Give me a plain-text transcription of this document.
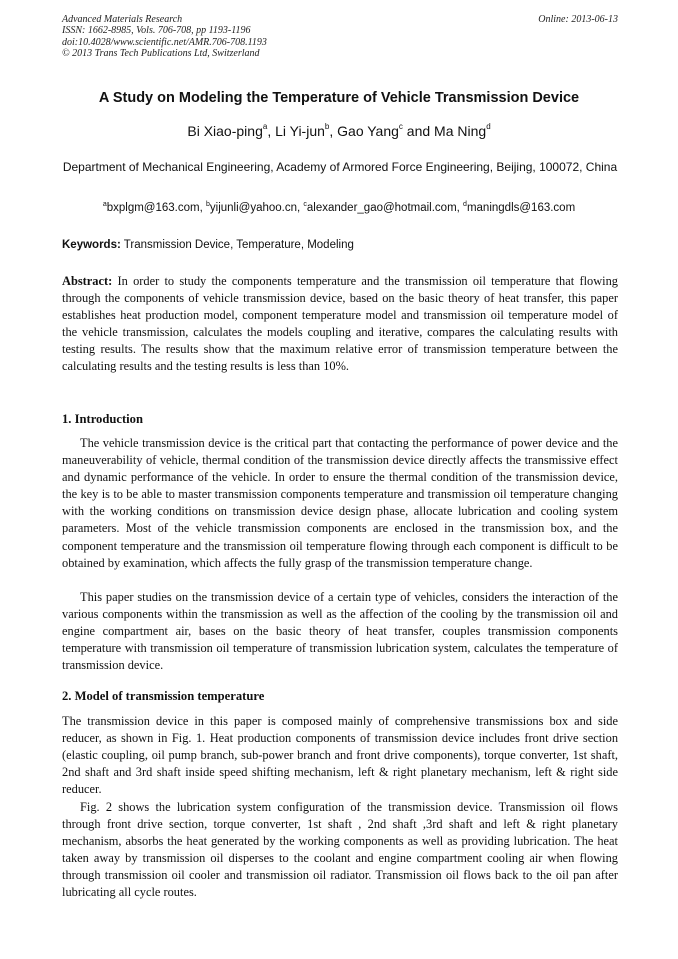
Advanced Materials Research
ISSN: 1662-8985, Vols. 706-708, pp 1193-1196
doi:10.4028/www.scientific.net/AMR.706-708.1193
© 2013 Trans Tech Publications Ltd, Switzerland
Online: 2013-06-13
A Study on Modeling the Temperature of Vehicle Transmission Device
Bi Xiao-ping$^a$, Li Yi-jun$^b$, Gao Yang$^c$ and Ma Ning$^d$
Department of Mechanical Engineering, Academy of Armored Force Engineering, Beijing, 100072, China
$^a$bxplgm@163.com, $^b$yijunli@yahoo.cn, $^c$alexander_gao@hotmail.com, $^d$maningdls@163.com
Keywords: Transmission Device, Temperature, Modeling
Abstract: In order to study the components temperature and the transmission oil temperature that flowing through the components of vehicle transmission device, based on the basic theory of heat transfer, this paper establishes heat production model, component temperature model and transmission oil temperature model of the vehicle transmission, calculates the models coupling and iterative, compares the calculating results with testing results. The results show that the maximum relative error of transmission temperature between the calculating results and the testing results is less than 10%.
1. Introduction

The vehicle transmission device is the critical part that contacting the performance of power device and the maneuverability of vehicle, thermal condition of the transmission device directly affects the transmissive effect and dynamic performance of the vehicle. In order to ensure the thermal condition of the transmission device, the key is to be able to master transmission components temperature and transmission oil temperature changing with the working conditions on transmission device design phase, allocate lubrication and cooling system parameters. Most of the vehicle transmission components are enclosed in the transmission box, and the component temperature and the transmission oil temperature flowing through each component is difficult to be obtained by examination, which affects the fully grasp of the transmission temperature change.

This paper studies on the transmission device of a certain type of vehicles, considers the interaction of the various components within the transmission as well as the affection of the cooling by the transmission oil and engine compartment air, bases on the basic theory of heat transfer, couples transmission components temperature with transmission oil temperature of transmission lubrication system, calculates the temperature of transmission device.

2. Model of transmission temperature

The transmission device in this paper is composed mainly of comprehensive transmissions box and side reducer, as shown in Fig. 1. Heat production components of transmission device includes front drive section (elastic coupling, oil pump branch, sub-power branch and front drive components), torque converter, 1st shaft, 2nd shaft and 3rd shaft inside speed shifting mechanism, left & right planetary mechanism, left & right side reducer.

Fig. 2 shows the lubrication system configuration of the transmission device. Transmission oil flows through front drive section, torque converter, 1st shaft , 2nd shaft ,3rd shaft and left & right planetary mechanism, absorbs the heat generated by the working components as well as providing lubrication. The heat taken away by transmission oil disperses to the coolant and engine compartment cooling air when flowing through transmission oil cooler and transmission oil radiator. Transmission oil flows back to the oil pan after lubricating all cycle routes.
